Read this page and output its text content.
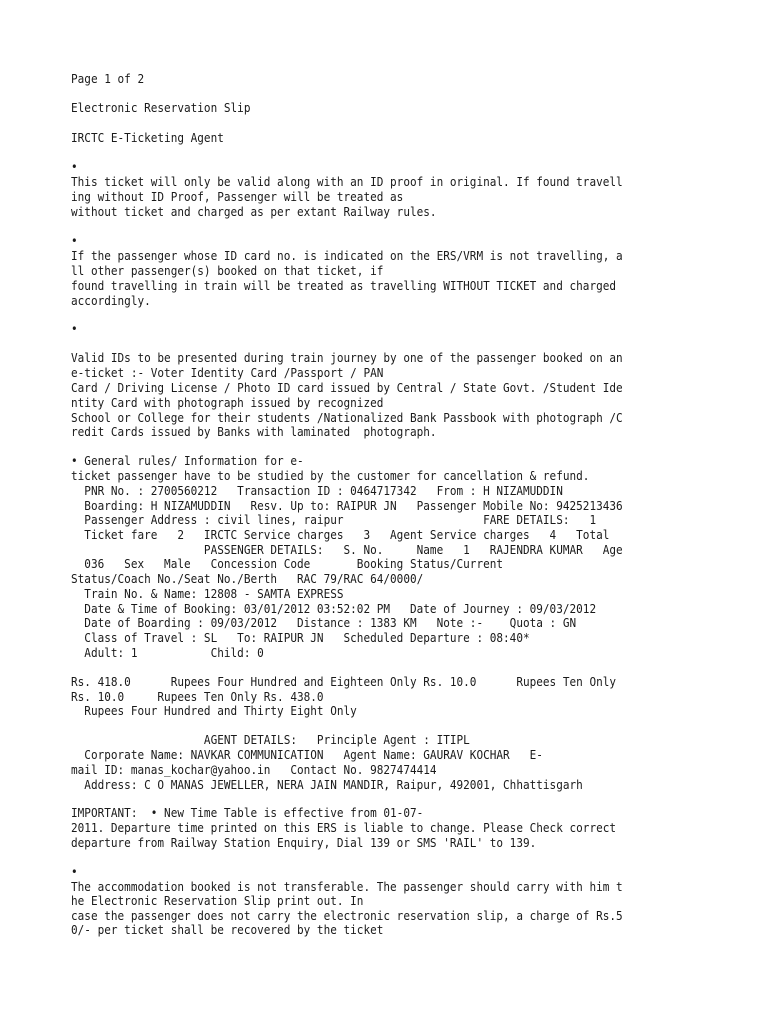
Page 1 of 2

Electronic Reservation Slip

IRCTC E-Ticketing Agent

•

This ticket will only be valid along with an ID proof in original. If found travell

ing without ID Proof, Passenger will be treated as

without ticket and charged as per extant Railway rules.

•

If the passenger whose ID card no. is indicated on the ERS/VRM is not travelling, a

ll other passenger(s) booked on that ticket, if

found travelling in train will be treated as travelling WITHOUT TICKET and charged

accordingly.

•

Valid IDs to be presented during train journey by one of the passenger booked on an

e-ticket :- Voter Identity Card /Passport / PAN

Card / Driving License / Photo ID card issued by Central / State Govt. /Student Ide

ntity Card with photograph issued by recognized

School or College for their students /Nationalized Bank Passbook with photograph /C

redit Cards issued by Banks with laminated  photograph.

• General rules/ Information for e-

ticket passenger have to be studied by the customer for cancellation & refund.

PNR No. : 2700560212   Transaction ID : 0464717342   From : H NIZAMUDDIN

Boarding: H NIZAMUDDIN   Resv. Up to: RAIPUR JN   Passenger Mobile No: 9425213436

Passenger Address : civil lines, raipur                     FARE DETAILS:   1

Ticket fare   2   IRCTC Service charges   3   Agent Service charges   4   Total

PASSENGER DETAILS:   S. No.     Name   1   RAJENDRA KUMAR   Age

036   Sex   Male   Concession Code       Booking Status/Current

Status/Coach No./Seat No./Berth   RAC 79/RAC 64/0000/

Train No. & Name: 12808 - SAMTA EXPRESS

Date & Time of Booking: 03/01/2012 03:52:02 PM   Date of Journey : 09/03/2012

Date of Boarding : 09/03/2012   Distance : 1383 KM   Note :-    Quota : GN

Class of Travel : SL   To: RAIPUR JN   Scheduled Departure : 08:40*

Adult: 1           Child: 0

Rs. 418.0      Rupees Four Hundred and Eighteen Only Rs. 10.0      Rupees Ten Only

Rs. 10.0     Rupees Ten Only Rs. 438.0

Rupees Four Hundred and Thirty Eight Only

AGENT DETAILS:   Principle Agent : ITIPL

Corporate Name: NAVKAR COMMUNICATION   Agent Name: GAURAV KOCHAR   E-

mail ID: manas_kochar@yahoo.in   Contact No. 9827474414

Address: C O MANAS JEWELLER, NERA JAIN MANDIR, Raipur, 492001, Chhattisgarh

IMPORTANT:  • New Time Table is effective from 01-07-

2011. Departure time printed on this ERS is liable to change. Please Check correct

departure from Railway Station Enquiry, Dial 139 or SMS 'RAIL' to 139.

•

The accommodation booked is not transferable. The passenger should carry with him t

he Electronic Reservation Slip print out. In

case the passenger does not carry the electronic reservation slip, a charge of Rs.5

0/- per ticket shall be recovered by the ticket
